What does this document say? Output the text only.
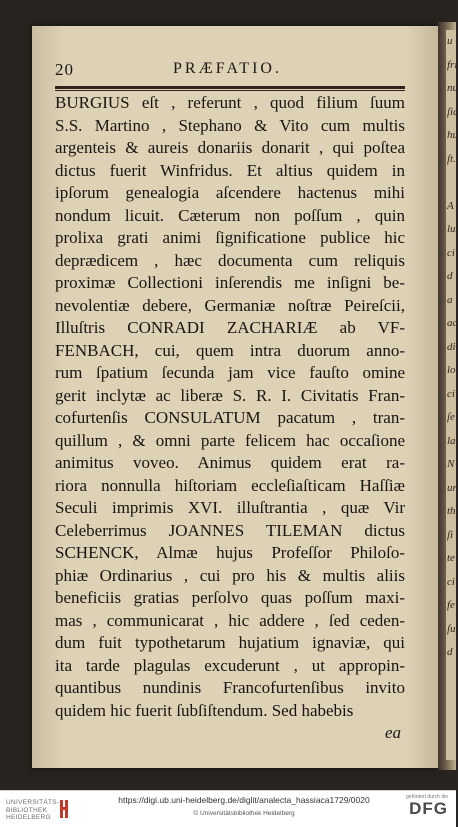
u
fri
nu
ſic
hu
ſt.

A
lu
ci
d
a
ac
di
lo
ci
ſe
la
N
ur
th
ſi
te
ci
fe
ſu
d
20	PRÆFATIO.
BURGIUS eſt , referunt , quod filium ſuum
S.S. Martino , Stephano & Vito cum multis
argenteis & aureis donariis donarit , qui poſtea
dictus fuerit Winfridus. Et altius quidem in
ipſorum genealogia aſcendere hactenus mihi
nondum licuit. Cæterum non poſſum , quin
prolixa grati animi ſignificatione publice hic
deprædicem , hæc documenta cum reliquis
proximæ Collectioni inſerendis me inſigni be-
nevolentiæ debere, Germaniæ noſtræ Peireſcii,
Illuſtris CONRADI ZACHARIÆ ab VF-
FENBACH, cui, quem intra duorum anno-
rum ſpatium ſecunda jam vice fauſto omine
gerit inclytæ ac liberæ S. R. I. Civitatis Fran-
cofurtenſis CONSULATUM pacatum , tran-
quillum , & omni parte felicem hac occaſione
animitus voveo. Animus quidem erat ra-
riora nonnulla hiſtoriam eccleſiaſticam Haſſiæ
Seculi imprimis XVI. illuſtrantia , quæ Vir
Celeberrimus JOANNES TILEMAN dictus
SCHENCK, Almæ hujus Profeſſor Philoſo-
phiæ Ordinarius , cui pro his & multis aliis
beneficiis gratias perſolvo quas poſſum maxi-
mas , communicarat , hic addere , ſed ceden-
dum fuit typothetarum hujatium ignaviæ, qui
ita tarde plagulas excuderunt , ut appropin-
quantibus nundinis Francofurtenſibus invito
quidem hic fuerit ſubſiſtendum. Sed habebis
ea
UNIVERSITÄTS- BIBLIOTHEK HEIDELBERG
https://digi.ub.uni-heidelberg.de/diglit/analecta_hassiaca1729/0020
© Universitätsbibliothek Heidelberg
gefördert durch die
DFG
